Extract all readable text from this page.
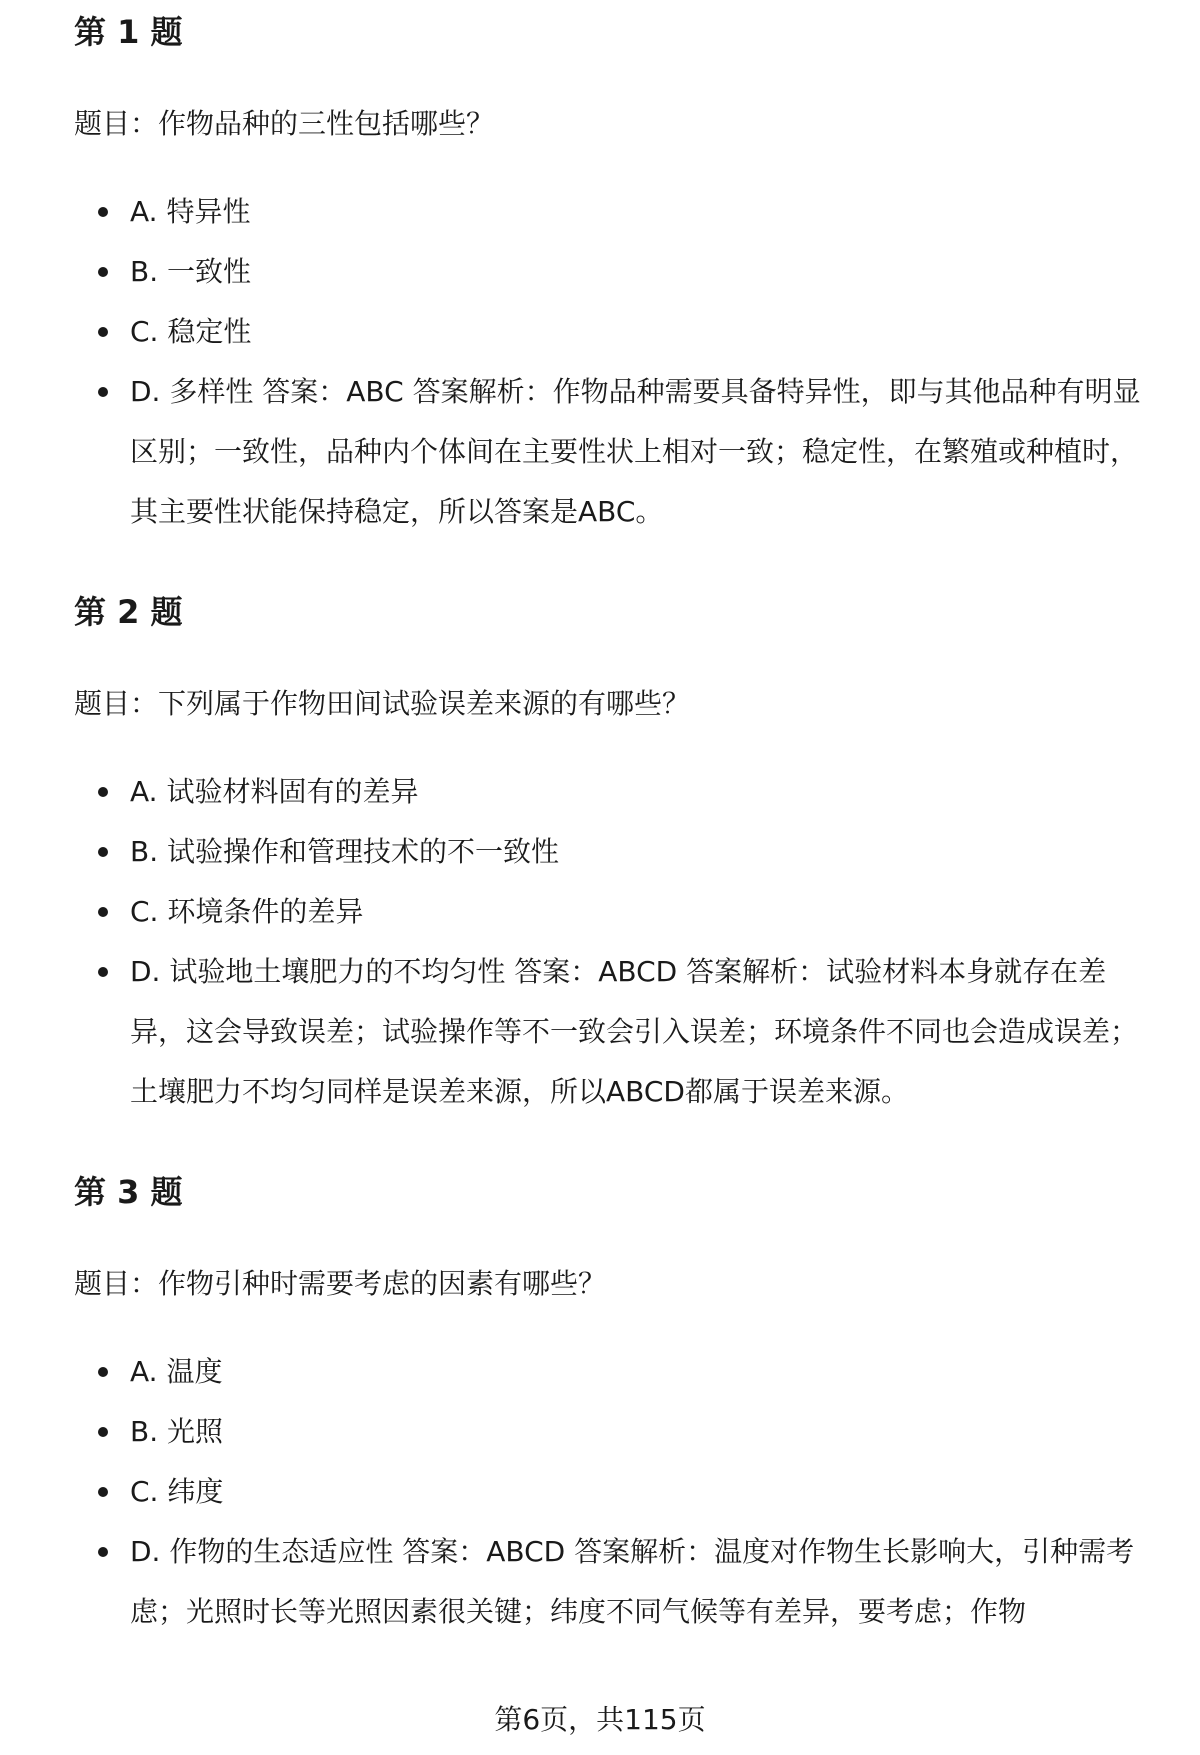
第 1 题

题目：作物品种的三性包括哪些？

A. 特异性
B. 一致性
C. 稳定性
D. 多样性 答案：ABC 答案解析：作物品种需要具备特异性，即与其他品种有明显区别；一致性，品种内个体间在主要性状上相对一致；稳定性，在繁殖或种植时，其主要性状能保持稳定，所以答案是ABC。
第 2 题

题目：下列属于作物田间试验误差来源的有哪些？

A. 试验材料固有的差异
B. 试验操作和管理技术的不一致性
C. 环境条件的差异
D. 试验地土壤肥力的不均匀性 答案：ABCD 答案解析：试验材料本身就存在差异，这会导致误差；试验操作等不一致会引入误差；环境条件不同也会造成误差；土壤肥力不均匀同样是误差来源，所以ABCD都属于误差来源。
第 3 题

题目：作物引种时需要考虑的因素有哪些？

A. 温度
B. 光照
C. 纬度
D. 作物的生态适应性 答案：ABCD 答案解析：温度对作物生长影响大，引种需考虑；光照时长等光照因素很关键；纬度不同气候等有差异，要考虑；作物
第6页，共115页
